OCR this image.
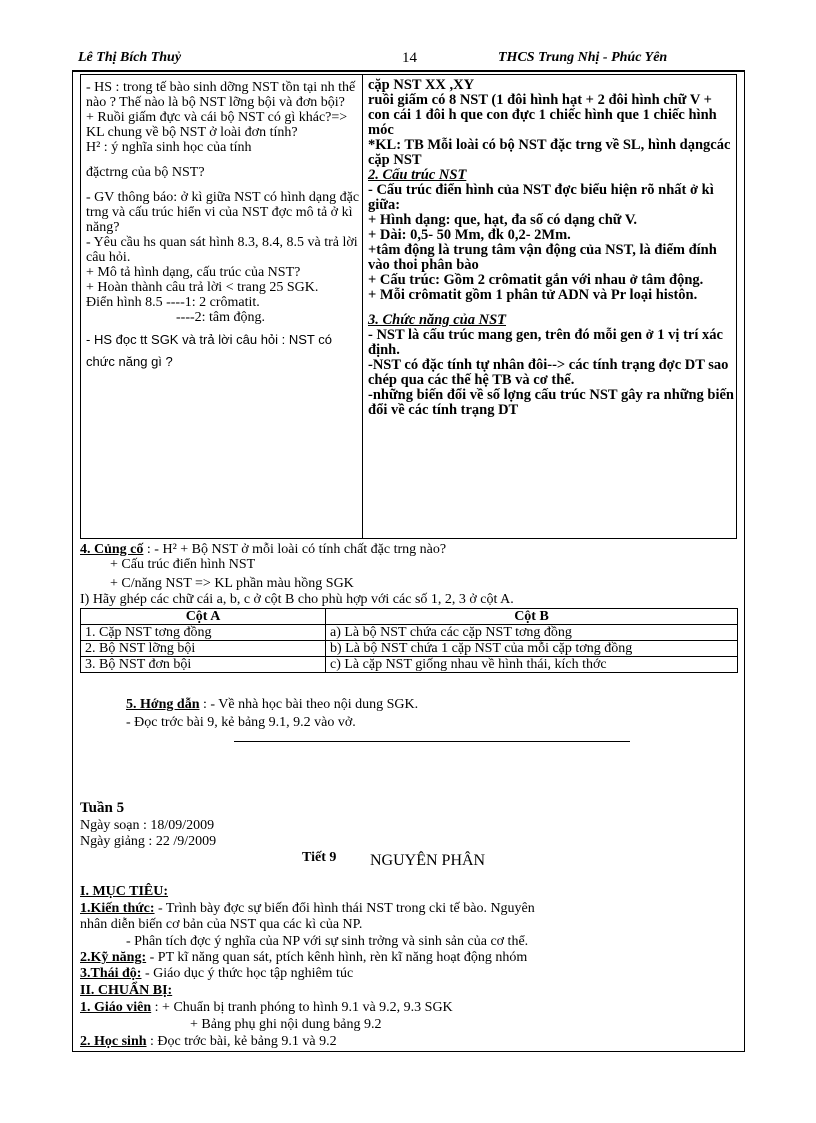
Lê Thị Bích Thuỷ	14	THCS Trung Nhị - Phúc Yên

- HS : trong tế bào sinh dỡng NST tồn tại nh thế nào ? Thế nào là bộ NST lỡng bội và đơn bội?

+ Ruồi giấm đực và cái bộ NST có gì khác?=> KL chung về bộ NST ở loài đơn tính?

H² : ý nghĩa sinh học của tính

đặctrng của bộ NST?

- GV thông báo: ở kì giữa NST có hình dạng đặc trng và cấu trúc hiển vi của NST đợc mô tả ở kì năng?

- Yêu cầu hs quan sát hình 8.3, 8.4, 8.5 và trả lời câu hỏi.

+ Mô tả hình dạng, cấu trúc của NST?

+ Hoàn thành câu trả lời < trang 25 SGK.

Điển hình 8.5 ----1: 2 crômatit.

----2: tâm động.

- HS đọc tt SGK và trả lời câu hỏi : NST có chức năng gì ?

cặp NST XX ,XY

ruồi giấm có 8 NST (1 đôi hình hạt + 2 đôi hình chữ V + con cái 1 đôi h que con đực 1 chiếc hình que 1 chiếc hình móc

*KL: TB Mỗi loài có bộ NST đặc trng về SL, hình dạngcác cặp NST

2. Cấu trúc NST

- Cấu trúc điển hình của NST đợc biểu hiện rõ nhất ở kì giữa:

+ Hình dạng: que, hạt, đa số có dạng chữ V.

+ Dài: 0,5- 50 Mm, đk 0,2- 2Mm.

+tâm động là trung tâm vận động của NST, là điểm đính vào thoi phân bào

+ Cấu trúc: Gồm 2 crômatit gắn với nhau ở tâm động.

+ Mỗi crômatit gồm 1 phân tử ADN và Pr loại histôn.

3. Chức năng của NST

- NST là cấu trúc mang gen, trên đó mỗi gen ở 1 vị trí xác định.

-NST có đặc tính tự nhân đôi--> các tính trạng đợc DT sao chép qua các thế hệ TB và cơ thể.

-những biến đổi về số lợng cấu trúc NST gây ra những biến đổi về các tính trạng DT

4. Củng cố : - H² + Bộ NST ở mỗi loài có tính chất đặc trng nào?
+ Cấu trúc điển hình NST
+ C/năng NST => KL phần màu hồng SGK
I) Hãy ghép các chữ cái a, b, c ở cột B cho phù hợp với các số 1, 2, 3 ở cột A.
Cột A	Cột B
1. Cặp NST tơng đồng	a) Là bộ NST chứa các cặp NST tơng đồng
2. Bộ NST lỡng bội	b) Là bộ NST chứa 1 cặp NST của mỗi cặp tơng đồng
3. Bộ NST đơn bội	c) Là cặp NST giống nhau về hình thái, kích thớc
5. Hớng dẫn : - Về nhà học bài theo nội dung SGK.
- Đọc trớc bài 9, kẻ bảng 9.1, 9.2 vào vở.
Tuần 5
Ngày soạn : 18/09/2009
Ngày giảng : 22 /9/2009
Tiết 9 NGUYÊN PHÂN
I. MỤC TIÊU:
1.Kiến thức: - Trình bày đợc sự biến đổi hình thái NST trong cki tế bào. Nguyên
nhân diễn biến cơ bản của NST qua các kì của NP.
- Phân tích đợc ý nghĩa của NP với sự sinh trởng và sinh sản của cơ thể.
2.Kỹ năng: - PT kĩ năng quan sát, ptích kênh hình, rèn kĩ năng hoạt động nhóm
3.Thái độ: - Giáo dục ý thức học tập nghiêm túc
II. CHUẨN BỊ:
1. Giáo viên : + Chuẩn bị tranh phóng to hình 9.1 và 9.2, 9.3 SGK
+ Bảng phụ ghi nội dung bảng 9.2
2. Học sinh : Đọc trớc bài, kẻ bảng 9.1 và 9.2
